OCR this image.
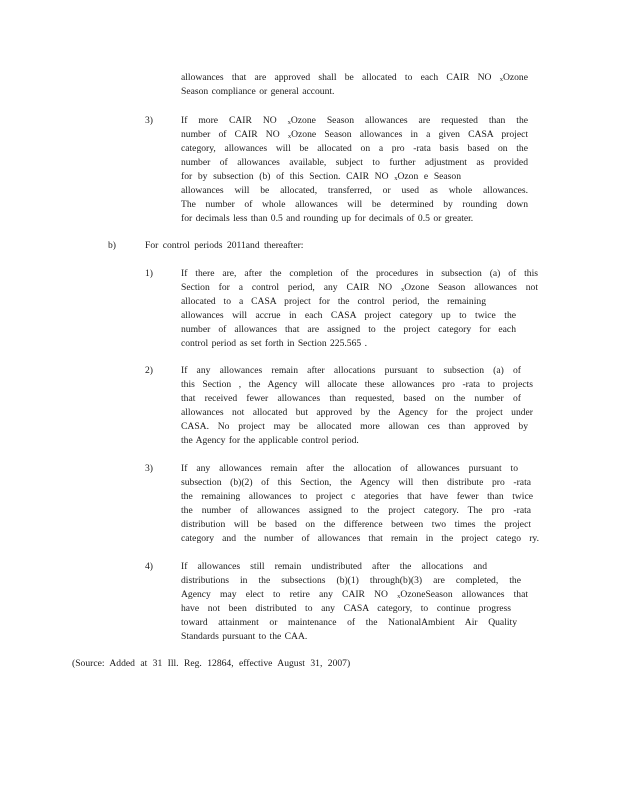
allowances that are approved shall be allocated to each CAIR NO $_x$Ozone
Season compliance or general account.
3)	If more CAIR NO $_x$Ozone Season allowances are requested than the
number of CAIR NO $_x$Ozone Season allowances in a given CASA project
category, allowances will be allocated on a pro -rata basis based on the
number of allowances available, subject to further adjustment as provided
for by subsection (b) of this Section. CAIR NO $_x$Ozon e Season
allowances will be allocated, transferred, or used as whole allowances.
The number of whole allowances will be determined by rounding down
for decimals less than 0.5 and rounding up for decimals of 0.5 or greater.
b)	For control periods 2011and thereafter:
1)	If there are, after the completion of the procedures in subsection (a) of this
Section for a control period, any CAIR NO $_x$Ozone Season allowances not
allocated to a CASA project for the control period, the remaining
allowances will accrue in each CASA project category up to twice the
number of allowances that are assigned to the project category for each
control period as set forth in Section 225.565 .
2)	If any allowances remain after allocations pursuant to subsection (a) of
this Section , the Agency will allocate these allowances pro -rata to projects
that received fewer allowances than requested, based on the number of
allowances not allocated but approved by the Agency for the project under
CASA. No project may be allocated more allowan ces than approved by
the Agency for the applicable control period.
3)	If any allowances remain after the allocation of allowances pursuant to
subsection (b)(2) of this Section, the Agency will then distribute pro -rata
the remaining allowances to project c ategories that have fewer than twice
the number of allowances assigned to the project category. The pro -rata
distribution will be based on the difference between two times the project
category and the number of allowances that remain in the project catego ry.
4)	If allowances still remain undistributed after the allocations and
distributions in the subsections (b)(1) through(b)(3) are completed, the
Agency may elect to retire any CAIR NO $_x$OzoneSeason allowances that
have not been distributed to any CASA category, to continue progress
toward attainment or maintenance of the NationalAmbient Air Quality
Standards pursuant to the CAA.
(Source: Added at 31 Ill. Reg. 12864, effective August 31, 2007)
